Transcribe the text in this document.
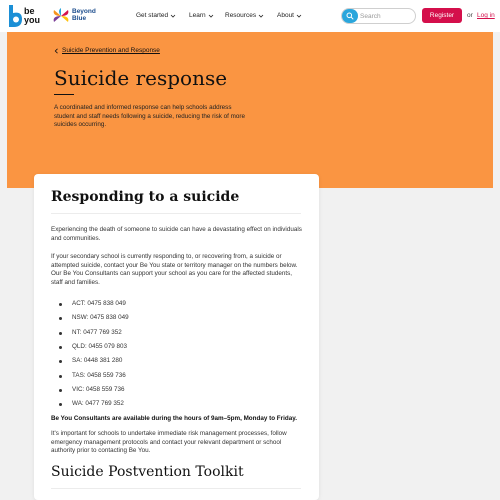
be
you
Beyond
Blue	Get started	Learn	Resources	About
Search	Register	or Log in
Suicide Prevention and Response
Suicide response

A coordinated and informed response can help schools address student and staff needs following a suicide, reducing the risk of more suicides occurring.

Responding to a suicide

Experiencing the death of someone to suicide can have a devastating effect on individuals and communities.

If your secondary school is currently responding to, or recovering from, a suicide or attempted suicide, contact your Be You state or territory manager on the numbers below. Our Be You Consultants can support your school as you care for the affected students, staff and families.

ACT: 0475 838 049
NSW: 0475 838 049
NT: 0477 769 352
QLD: 0455 079 803
SA: 0448 381 280
TAS: 0458 559 736
VIC: 0458 559 736
WA: 0477 769 352

Be You Consultants are available during the hours of 9am–5pm, Monday to Friday.

It's important for schools to undertake immediate risk management processes, follow emergency management protocols and contact your relevant department or school authority prior to contacting Be You.

Suicide Postvention Toolkit
